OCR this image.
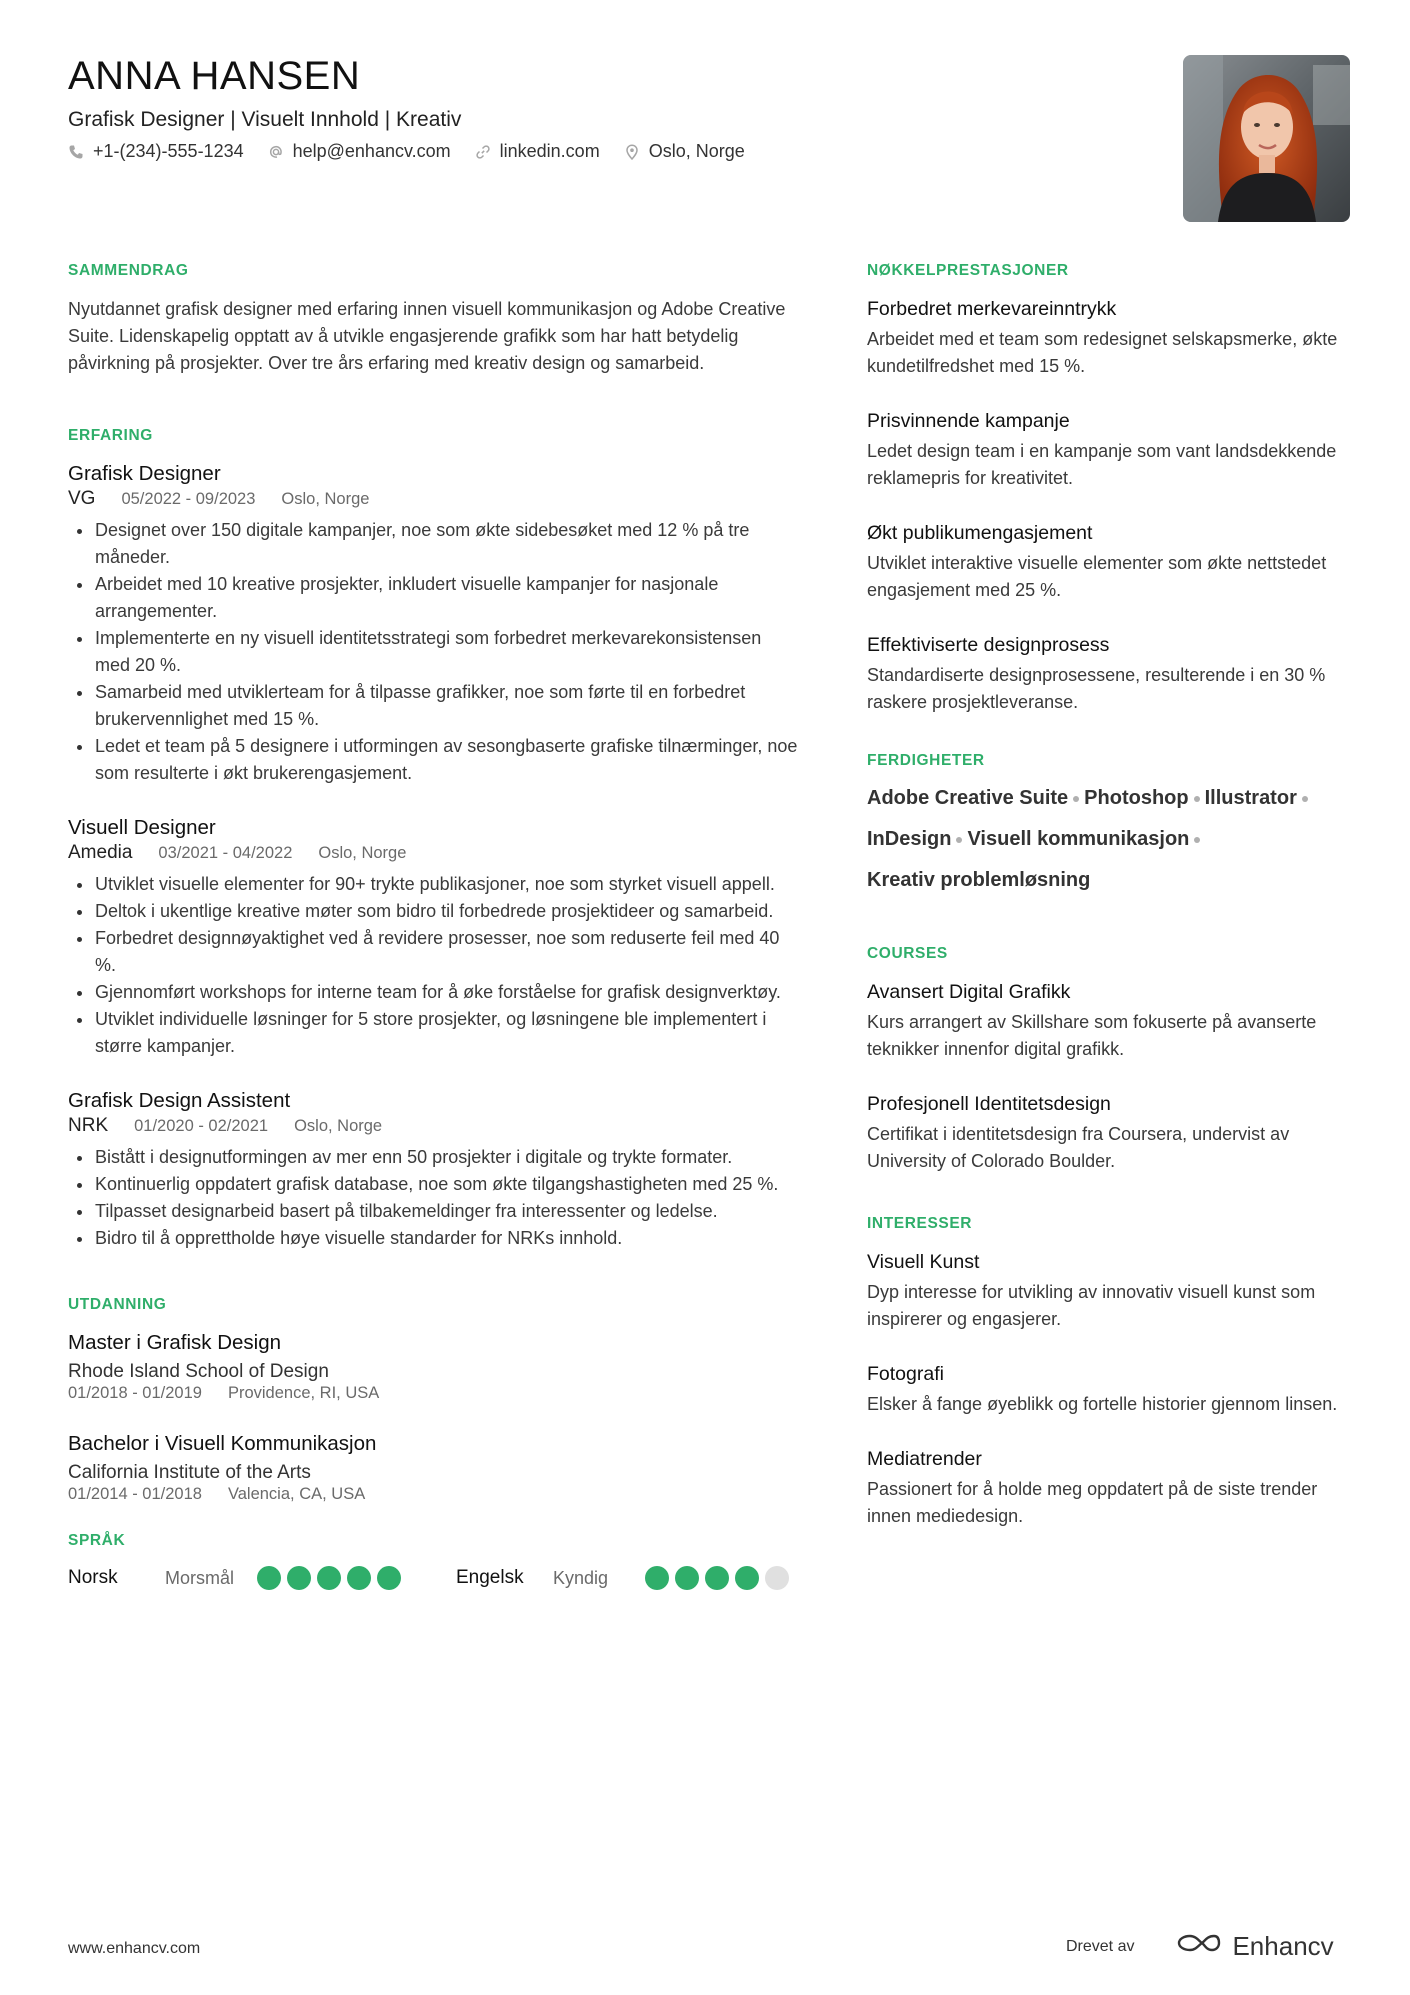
ANNA HANSEN
Grafisk Designer | Visuelt Innhold | Kreativ
+1-(234)-555-1234	help@enhancv.com	linkedin.com	Oslo, Norge
SAMMENDRAG

Nyutdannet grafisk designer med erfaring innen visuell kommunikasjon og Adobe Creative Suite. Lidenskapelig opptatt av å utvikle engasjerende grafikk som har hatt betydelig påvirkning på prosjekter. Over tre års erfaring med kreativ design og samarbeid.

ERFARING
Grafisk Designer
VG 05/2022 - 09/2023 Oslo, Norge
Designet over 150 digitale kampanjer, noe som økte sidebesøket med 12 % på tre måneder.
Arbeidet med 10 kreative prosjekter, inkludert visuelle kampanjer for nasjonale arrangementer.
Implementerte en ny visuell identitetsstrategi som forbedret merkevarekonsistensen med 20 %.
Samarbeid med utviklerteam for å tilpasse grafikker, noe som førte til en forbedret brukervennlighet med 15 %.
Ledet et team på 5 designere i utformingen av sesongbaserte grafiske tilnærminger, noe som resulterte i økt brukerengasjement.
Visuell Designer
Amedia 03/2021 - 04/2022 Oslo, Norge
Utviklet visuelle elementer for 90+ trykte publikasjoner, noe som styrket visuell appell.
Deltok i ukentlige kreative møter som bidro til forbedrede prosjektideer og samarbeid.
Forbedret designnøyaktighet ved å revidere prosesser, noe som reduserte feil med 40 %.
Gjennomført workshops for interne team for å øke forståelse for grafisk designverktøy.
Utviklet individuelle løsninger for 5 store prosjekter, og løsningene ble implementert i større kampanjer.
Grafisk Design Assistent
NRK 01/2020 - 02/2021 Oslo, Norge
Bistått i designutformingen av mer enn 50 prosjekter i digitale og trykte formater.
Kontinuerlig oppdatert grafisk database, noe som økte tilgangshastigheten med 25 %.
Tilpasset designarbeid basert på tilbakemeldinger fra interessenter og ledelse.
Bidro til å opprettholde høye visuelle standarder for NRKs innhold.
UTDANNING
Master i Grafisk Design
Rhode Island School of Design
01/2018 - 01/2019 Providence, RI, USA
Bachelor i Visuell Kommunikasjon
California Institute of the Arts
01/2014 - 01/2018 Valencia, CA, USA
SPRÅK
Norsk	Morsmål	Engelsk	Kyndig
NØKKELPRESTASJONER
Forbedret merkevareinntrykk

Arbeidet med et team som redesignet selskapsmerke, økte kundetilfredshet med 15 %.

Prisvinnende kampanje

Ledet design team i en kampanje som vant landsdekkende reklamepris for kreativitet.

Økt publikumengasjement

Utviklet interaktive visuelle elementer som økte nettstedet engasjement med 25 %.

Effektiviserte designprosess

Standardiserte designprosessene, resulterende i en 30 % raskere prosjektleveranse.

FERDIGHETER
Adobe Creative Suite Photoshop Illustrator
InDesign Visuell kommunikasjon
Kreativ problemløsning
COURSES
Avansert Digital Grafikk

Kurs arrangert av Skillshare som fokuserte på avanserte teknikker innenfor digital grafikk.

Profesjonell Identitetsdesign

Certifikat i identitetsdesign fra Coursera, undervist av University of Colorado Boulder.

INTERESSER
Visuell Kunst

Dyp interesse for utvikling av innovativ visuell kunst som inspirerer og engasjerer.

Fotografi

Elsker å fange øyeblikk og fortelle historier gjennom linsen.

Mediatrender

Passionert for å holde meg oppdatert på de siste trender innen mediedesign.

www.enhancv.com	Drevet av	Enhancv
